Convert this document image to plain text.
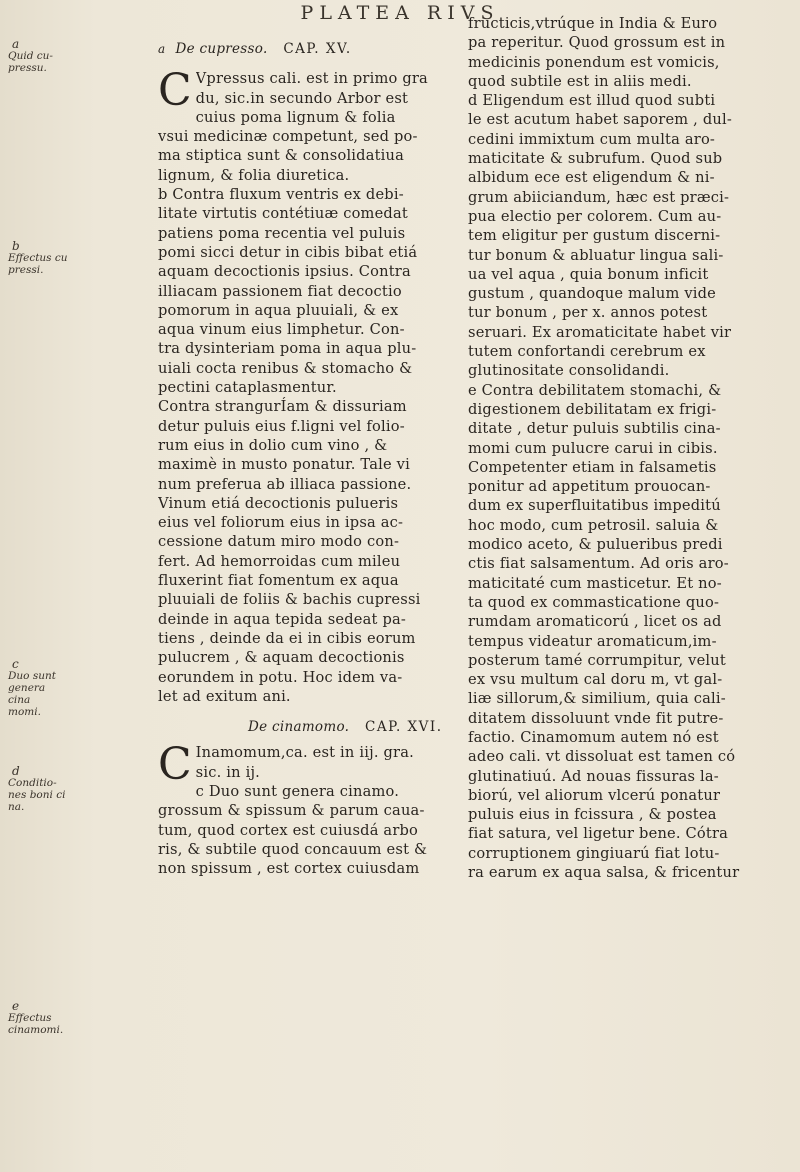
PLATEA RIVS
a
Quid cu-
pressu.
b
Effectus cu
pressi.
c
Duo sunt
genera cina
momi.
d
Conditio-
nes boni ci
na.
e
Effectus
cinamomi.
a De cupresso. CAP. XV.
C Vpressus cali. est in primo gra
du, sic.in secundo Arbor est
cuius poma lignum & folia
vsui medicinæ competunt, sed po-
ma stiptica sunt & consolidatiua
lignum, & folia diuretica.
b Contra fluxum ventris ex debi-
litate virtutis contétiuæ comedat
patiens poma recentia vel puluis
pomi sicci detur in cibis bibat etiá
aquam decoctionis ipsius. Contra
illiacam passionem fiat decoctio
pomorum in aqua pluuiali, & ex
aqua vinum eius limphetur. Con-
tra dysinteriam poma in aqua plu-
uiali cocta renibus & stomacho &
pectini cataplasmentur.
Contra strangurÍam & dissuriam
detur puluis eius f.ligni vel folio-
rum eius in dolio cum vino , &
maximè in musto ponatur. Tale vi
num preferua ab illiaca passione.
Vinum etiá decoctionis pulueris
eius vel foliorum eius in ipsa ac-
cessione datum miro modo con-
fert. Ad hemorroidas cum mileu
fluxerint fiat fomentum ex aqua
pluuiali de foliis & bachis cupressi
deinde in aqua tepida sedeat pa-
tiens , deinde da ei in cibis eorum
pulucrem , & aquam decoctionis
eorundem in potu. Hoc idem va-
let ad exitum ani.
De cinamomo. CAP. XVI.
C Inamomum,ca. est in iij. gra.
sic. in ij.
c Duo sunt genera cinamo.
grossum & spissum & parum caua-
tum, quod cortex est cuiusdá arbo
ris, & subtile quod concauum est &
non spissum , est cortex cuiusdam
fructicis,vtrúque in India & Euro
pa reperitur. Quod grossum est in
medicinis ponendum est vomicis,
quod subtile est in aliis medi.
d Eligendum est illud quod subti
le est acutum habet saporem , dul-
cedini immixtum cum multa aro-
maticitate & subrufum. Quod sub
albidum ece est eligendum & ni-
grum abiiciandum, hæc est præci-
pua electio per colorem. Cum au-
tem eligitur per gustum discerni-
tur bonum & abluatur lingua sali-
ua vel aqua , quia bonum inficit
gustum , quandoque malum vide
tur bonum , per x. annos potest
seruari. Ex aromaticitate habet vir
tutem confortandi cerebrum ex
glutinositate consolidandi.
e Contra debilitatem stomachi, &
digestionem debilitatam ex frigi-
ditate , detur puluis subtilis cina-
momi cum pulucre carui in cibis.
Competenter etiam in falsametis
ponitur ad appetitum prouocan-
dum ex superfluitatibus impeditú
hoc modo, cum petrosil. saluia &
modico aceto, & pulueribus predi
ctis fiat salsamentum. Ad oris aro-
maticitaté cum masticetur. Et no-
ta quod ex commasticatione quo-
rumdam aromaticorú , licet os ad
tempus videatur aromaticum,im-
posterum tamé corrumpitur, velut
ex vsu multum cal doru m, vt gal-
liæ sillorum,& similium, quia cali-
ditatem dissoluunt vnde fit putre-
factio. Cinamomum autem nó est
adeo cali. vt dissoluat est tamen có
glutinatiuú. Ad nouas fissuras la-
biorú, vel aliorum vlcerú ponatur
puluis eius in fcissura , & postea
fiat satura, vel ligetur bene. Cótra
corruptionem gingiuarú fiat lotu-
ra earum ex aqua salsa, & fricentur
